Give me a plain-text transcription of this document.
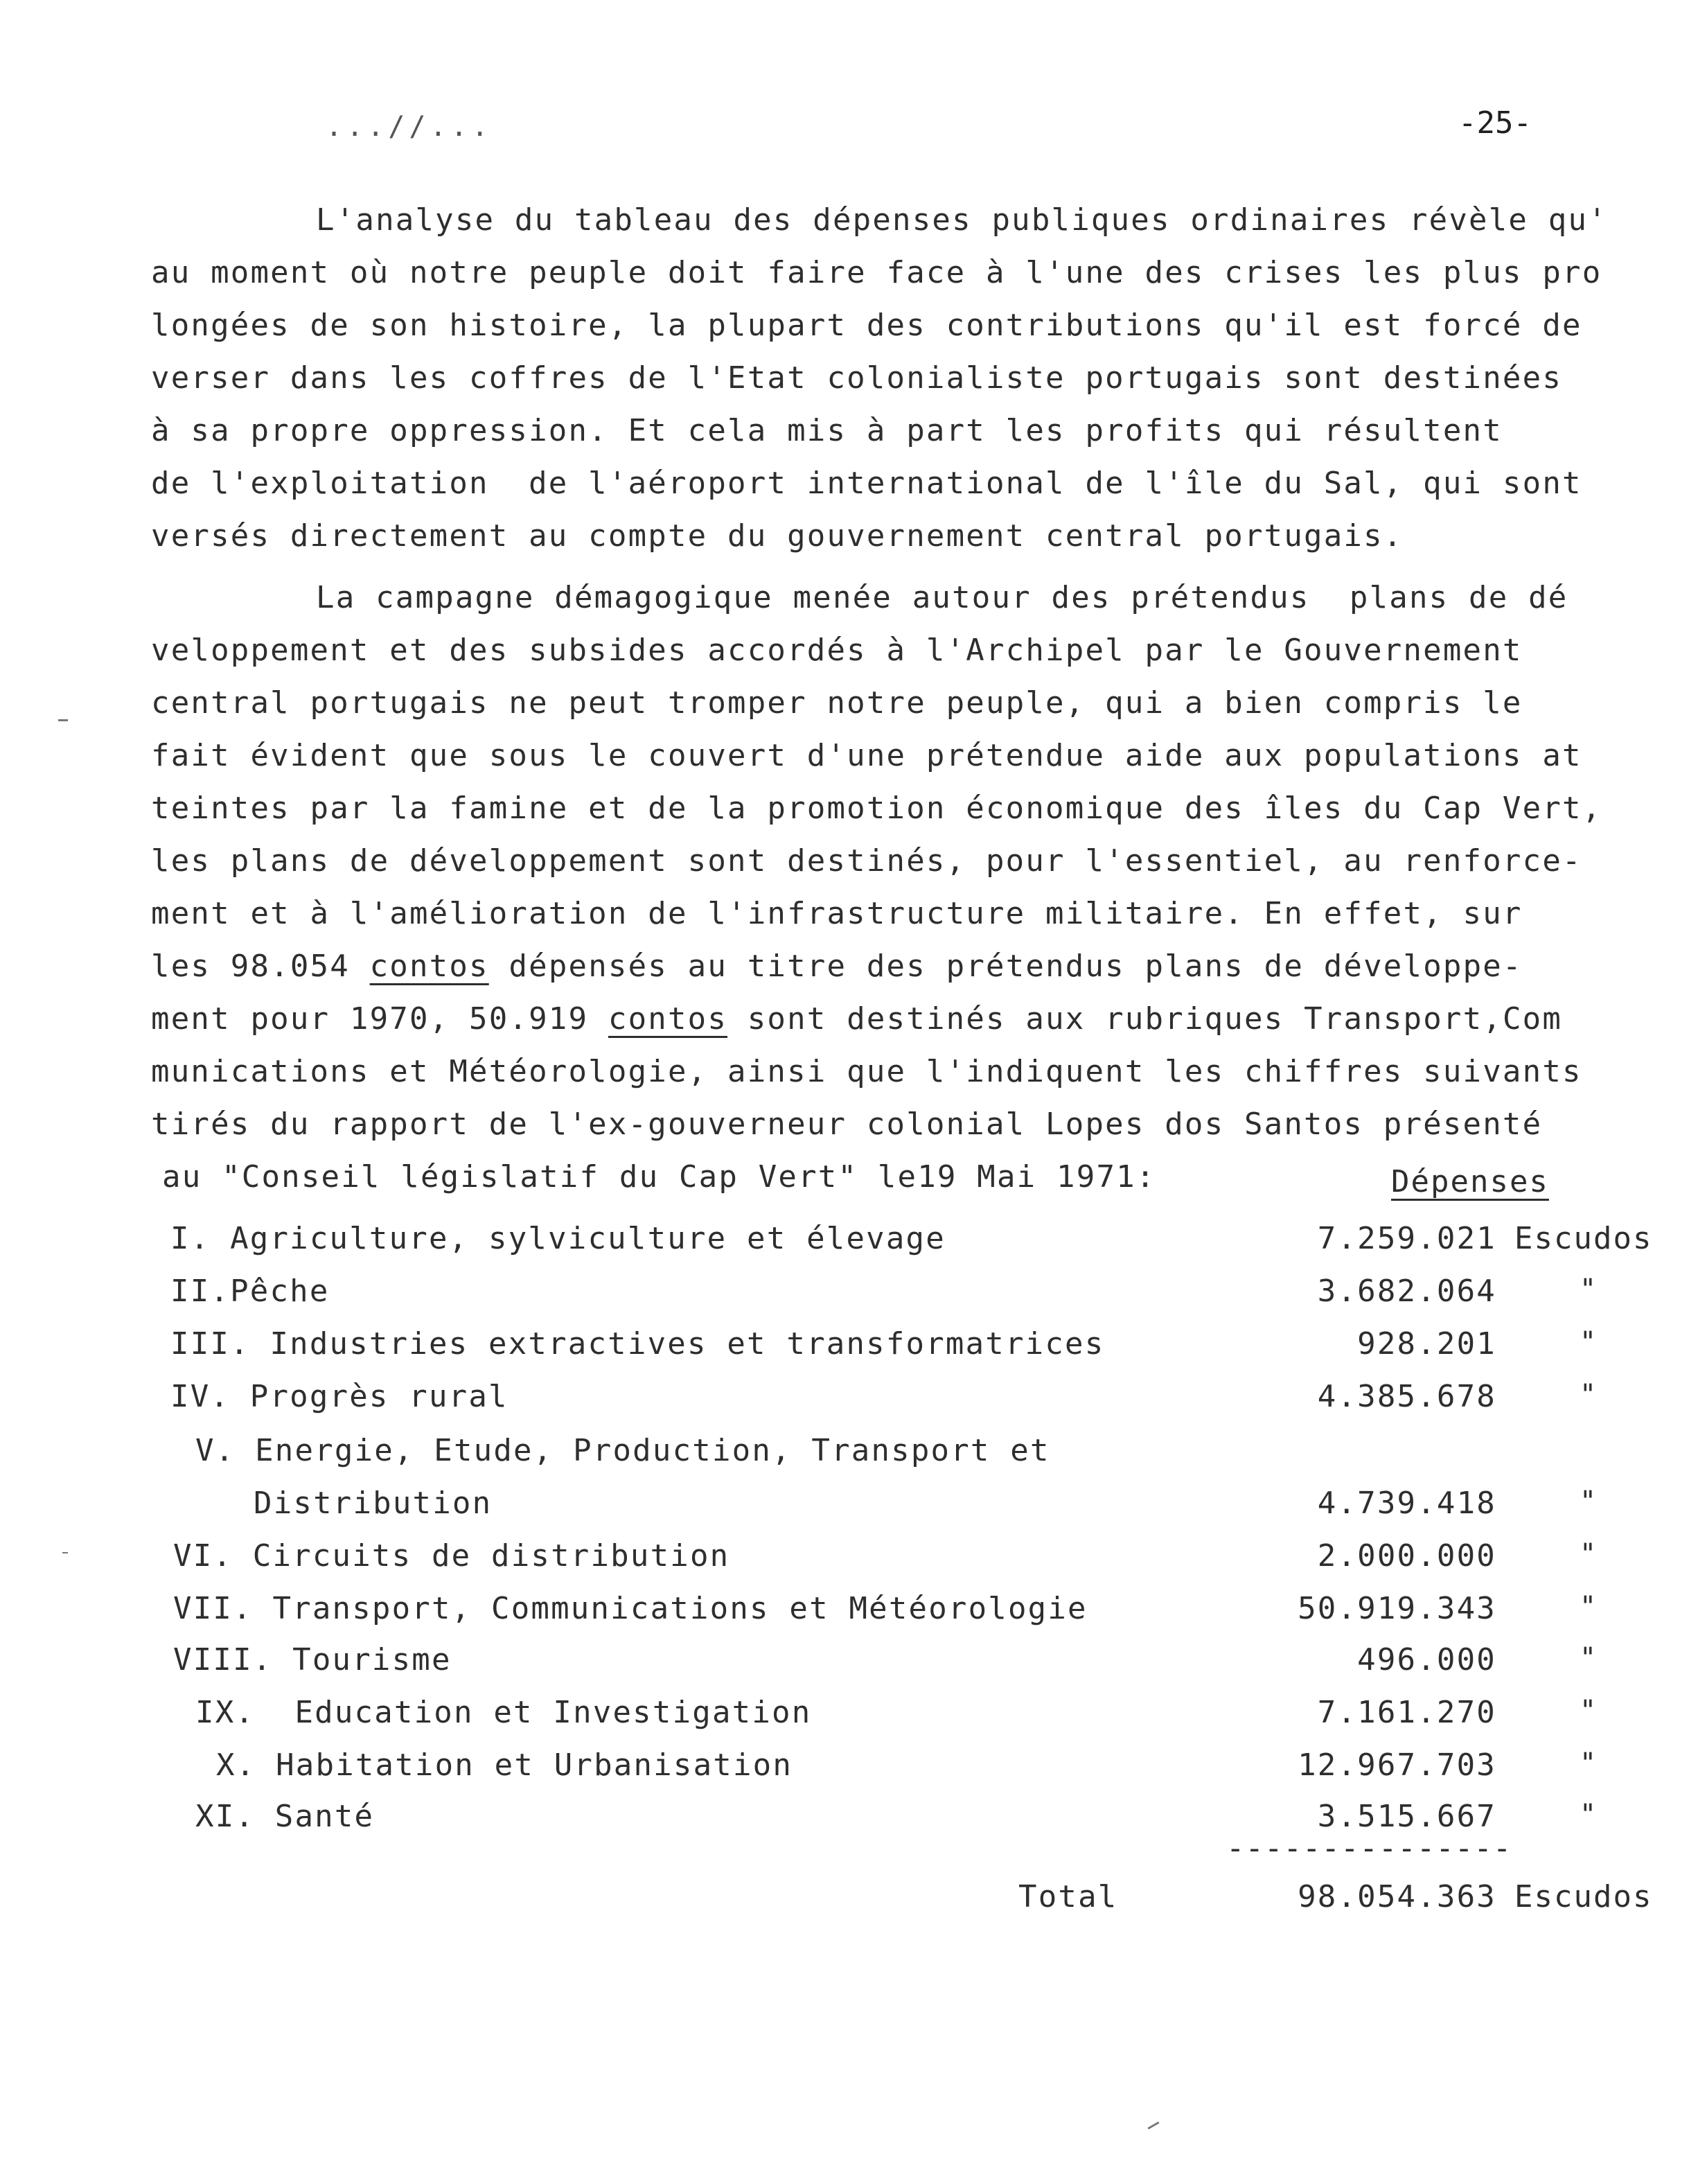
...//...	-25-
L'analyse du tableau des dépenses publiques ordinaires révèle qu'
au moment où notre peuple doit faire face à l'une des crises les plus pro
longées de son histoire, la plupart des contributions qu'il est forcé de
verser dans les coffres de l'Etat colonialiste portugais sont destinées
à sa propre oppression. Et cela mis à part les profits qui résultent
de l'exploitation  de l'aéroport international de l'île du Sal, qui sont
versés directement au compte du gouvernement central portugais.
La campagne démagogique menée autour des prétendus  plans de dé
veloppement et des subsides accordés à l'Archipel par le Gouvernement
central portugais ne peut tromper notre peuple, qui a bien compris le
fait évident que sous le couvert d'une prétendue aide aux populations at
teintes par la famine et de la promotion économique des îles du Cap Vert,
les plans de développement sont destinés, pour l'essentiel, au renforce-
ment et à l'amélioration de l'infrastructure militaire. En effet, sur
les 98.054 contos dépensés au titre des prétendus plans de développe-
ment pour 1970, 50.919 contos sont destinés aux rubriques Transport,Com
munications et Météorologie, ainsi que l'indiquent les chiffres suivants
tirés du rapport de l'ex-gouverneur colonial Lopes dos Santos présenté
au "Conseil législatif du Cap Vert" le19 Mai 1971:	Dépenses
I. Agriculture, sylviculture et élevage	7.259.021 Escudos
II.Pêche	3.682.064	"
III. Industries extractives et transformatrices	928.201	"
IV. Progrès rural	4.385.678	"
V. Energie, Etude, Production, Transport et
Distribution	4.739.418	"
VI. Circuits de distribution	2.000.000	"
VII. Transport, Communications et Météorologie	50.919.343	"
VIII. Tourisme	496.000	"
IX.  Education et Investigation	7.161.270	"
X. Habitation et Urbanisation	12.967.703	"
XI. Santé	3.515.667	"
---------------
Total	98.054.363 Escudos
